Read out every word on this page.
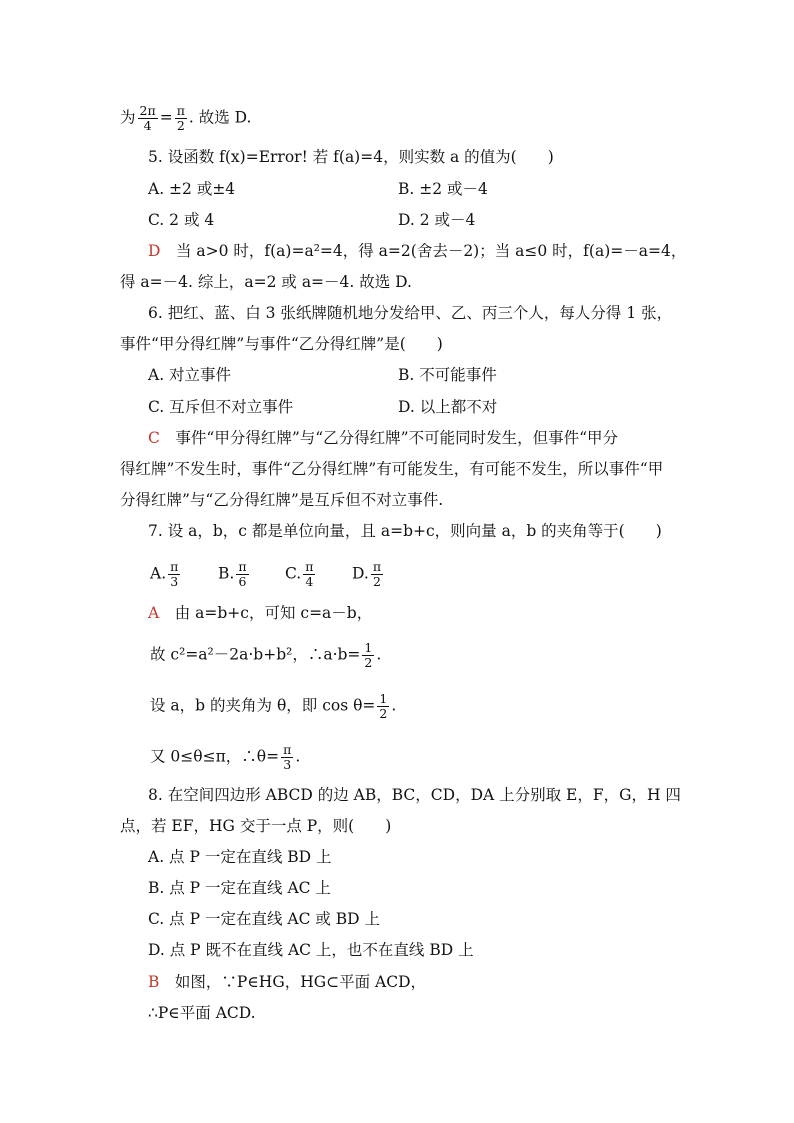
为 $\frac{2\pi}{4} = \frac{\pi}{2}$ . 故选 D.
5. 设函数 f(x)=Error! 若 f(a)=4，则实数 a 的值为(　　)
A. ±2 或±4	B. ±2 或－4
C. 2 或 4	D. 2 或－4
D　 当 a>0 时，f(a)=a²=4，得 a=2(舍去－2)；当 a≤0 时，f(a)=－a=4，
得 a=－4. 综上，a=2 或 a=－4. 故选 D.
6. 把红、蓝、白 3 张纸牌随机地分发给甲、乙、丙三个人，每人分得 1 张，
事件“甲分得红牌”与事件“乙分得红牌”是(　　)
A. 对立事件	B. 不可能事件
C. 互斥但不对立事件	D. 以上都不对
C　 事件“甲分得红牌”与“乙分得红牌”不可能同时发生，但事件“甲分
得红牌”不发生时，事件“乙分得红牌”有可能发生，有可能不发生，所以事件“甲
分得红牌”与“乙分得红牌”是互斥但不对立事件.
7. 设 a，b，c 都是单位向量，且 a=b+c，则向量 a，b 的夹角等于(　　)
A. $\frac{\pi}{3} B$. $\frac{\pi}{6} C$. $\frac{\pi}{4} D$. $\frac{\pi}{2}$
A　 由 a=b+c，可知 c=a－b，
故 c²=a²－2a·b+b²，∴a·b= $\frac{1}{2}$ .
设 a，b 的夹角为 θ，即 $\cos \theta= \frac{1}{2}$ .
又 0≤θ≤π，∴θ= $\frac{\pi}{3}$ .
8. 在空间四边形 ABCD 的边 AB，BC，CD，DA 上分别取 E，F，G，H 四
点，若 EF，HG 交于一点 P，则(　　)
A. 点 P 一定在直线 BD 上
B. 点 P 一定在直线 AC 上
C. 点 P 一定在直线 AC 或 BD 上
D. 点 P 既不在直线 AC 上，也不在直线 BD 上
B　 如图，∵P∈HG，HG⊂平面 ACD，
∴P∈平面 ACD.
